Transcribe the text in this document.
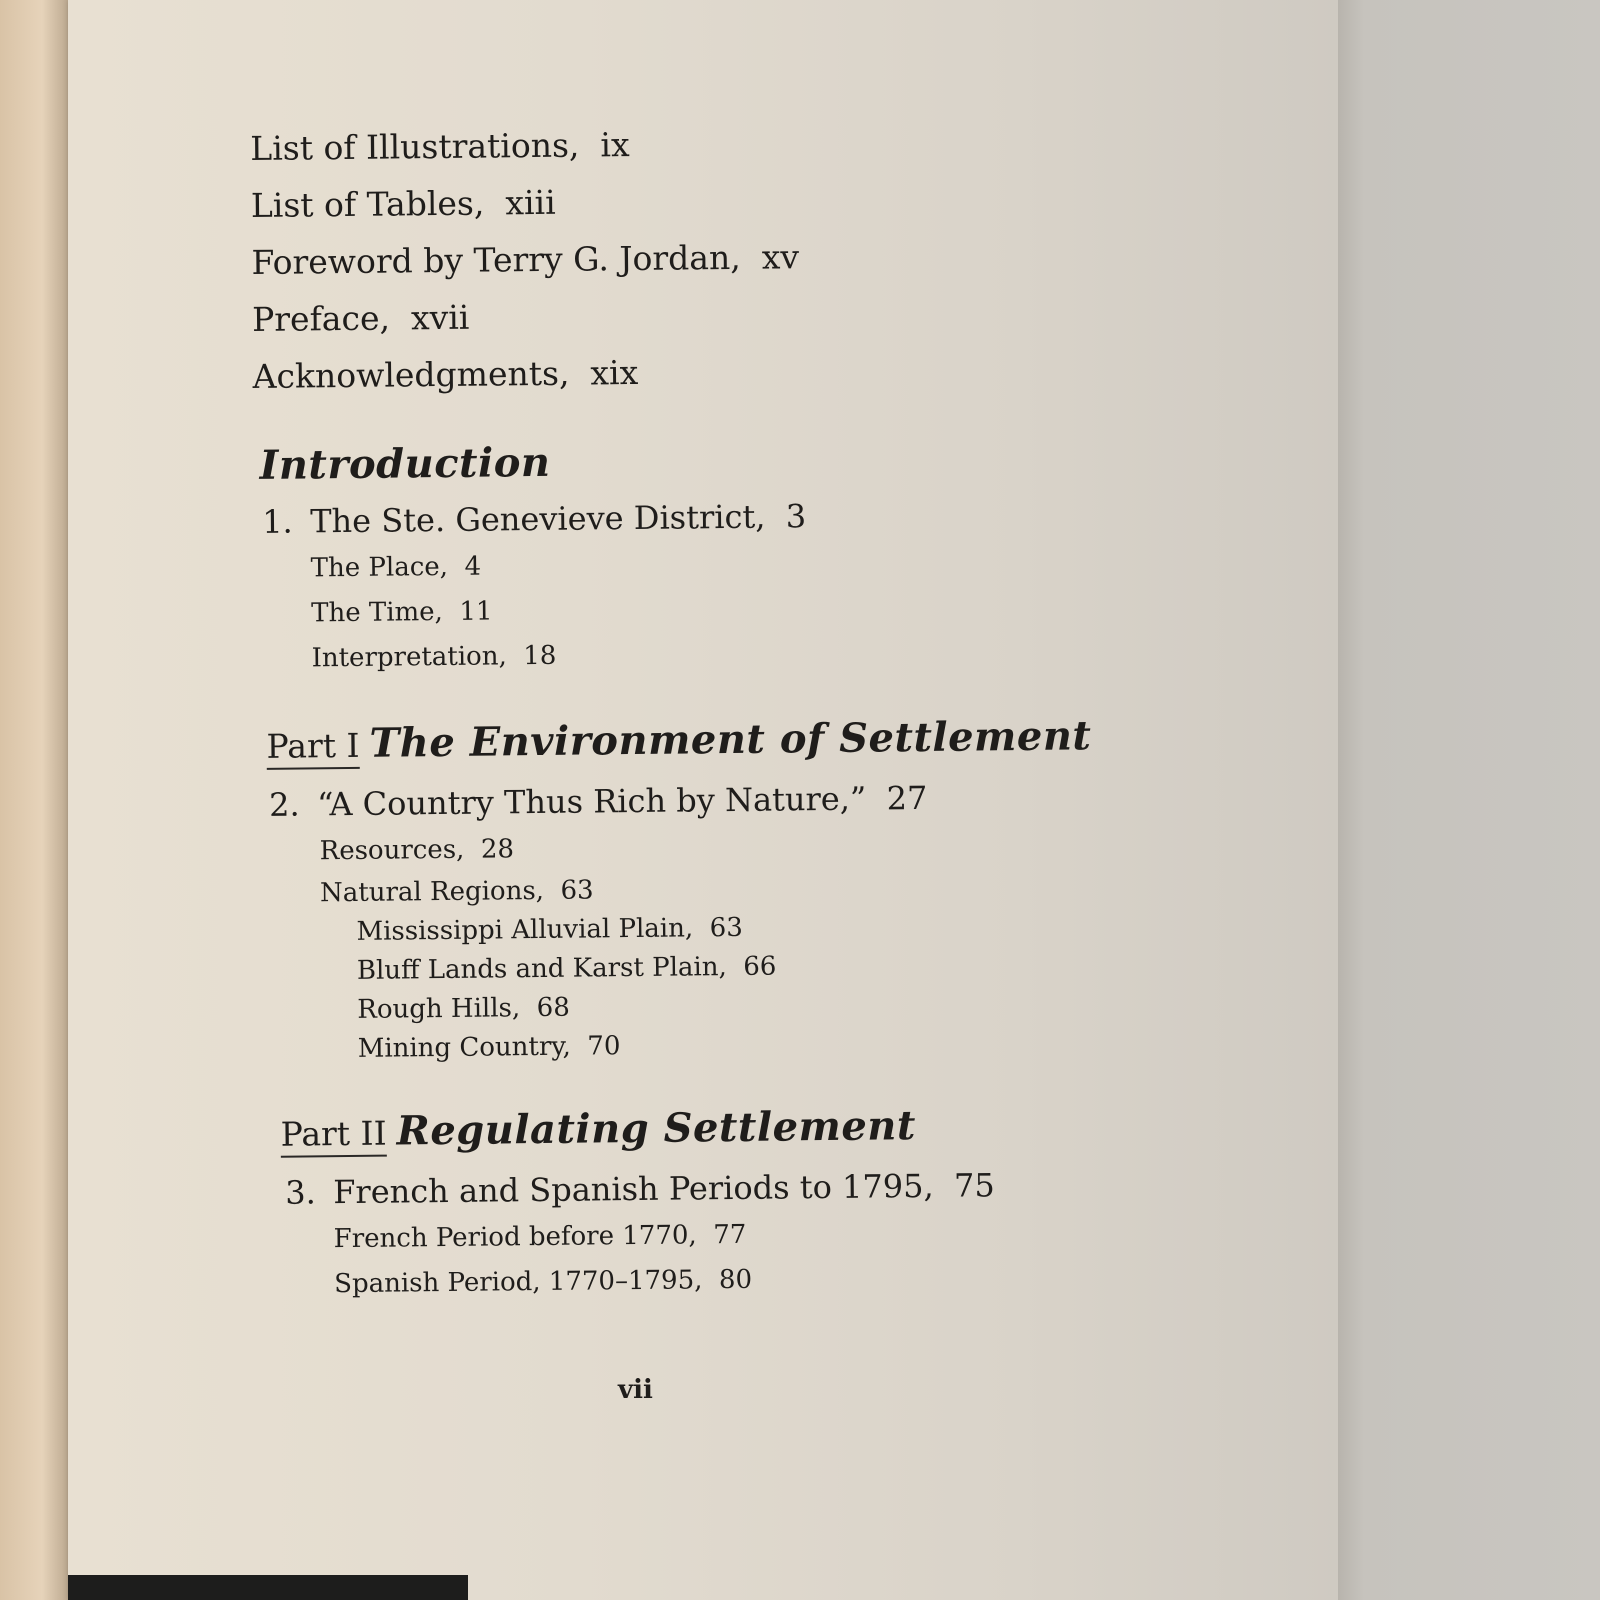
List of Illustrations,  ix
List of Tables,  xiii
Foreword by Terry G. Jordan,  xv
Preface,  xvii
Acknowledgments,  xix
Introduction
1. The Ste. Genevieve District,  3
The Place,  4
The Time,  11
Interpretation,  18
Part I The Environment of Settlement
2. “A Country Thus Rich by Nature,” 27
Resources,  28
Natural Regions,  63
Mississippi Alluvial Plain,  63
Bluff Lands and Karst Plain,  66
Rough Hills,  68
Mining Country,  70
Part II Regulating Settlement
3. French and Spanish Periods to 1795,  75
French Period before 1770,  77
Spanish Period, 1770–1795,  80
vii
